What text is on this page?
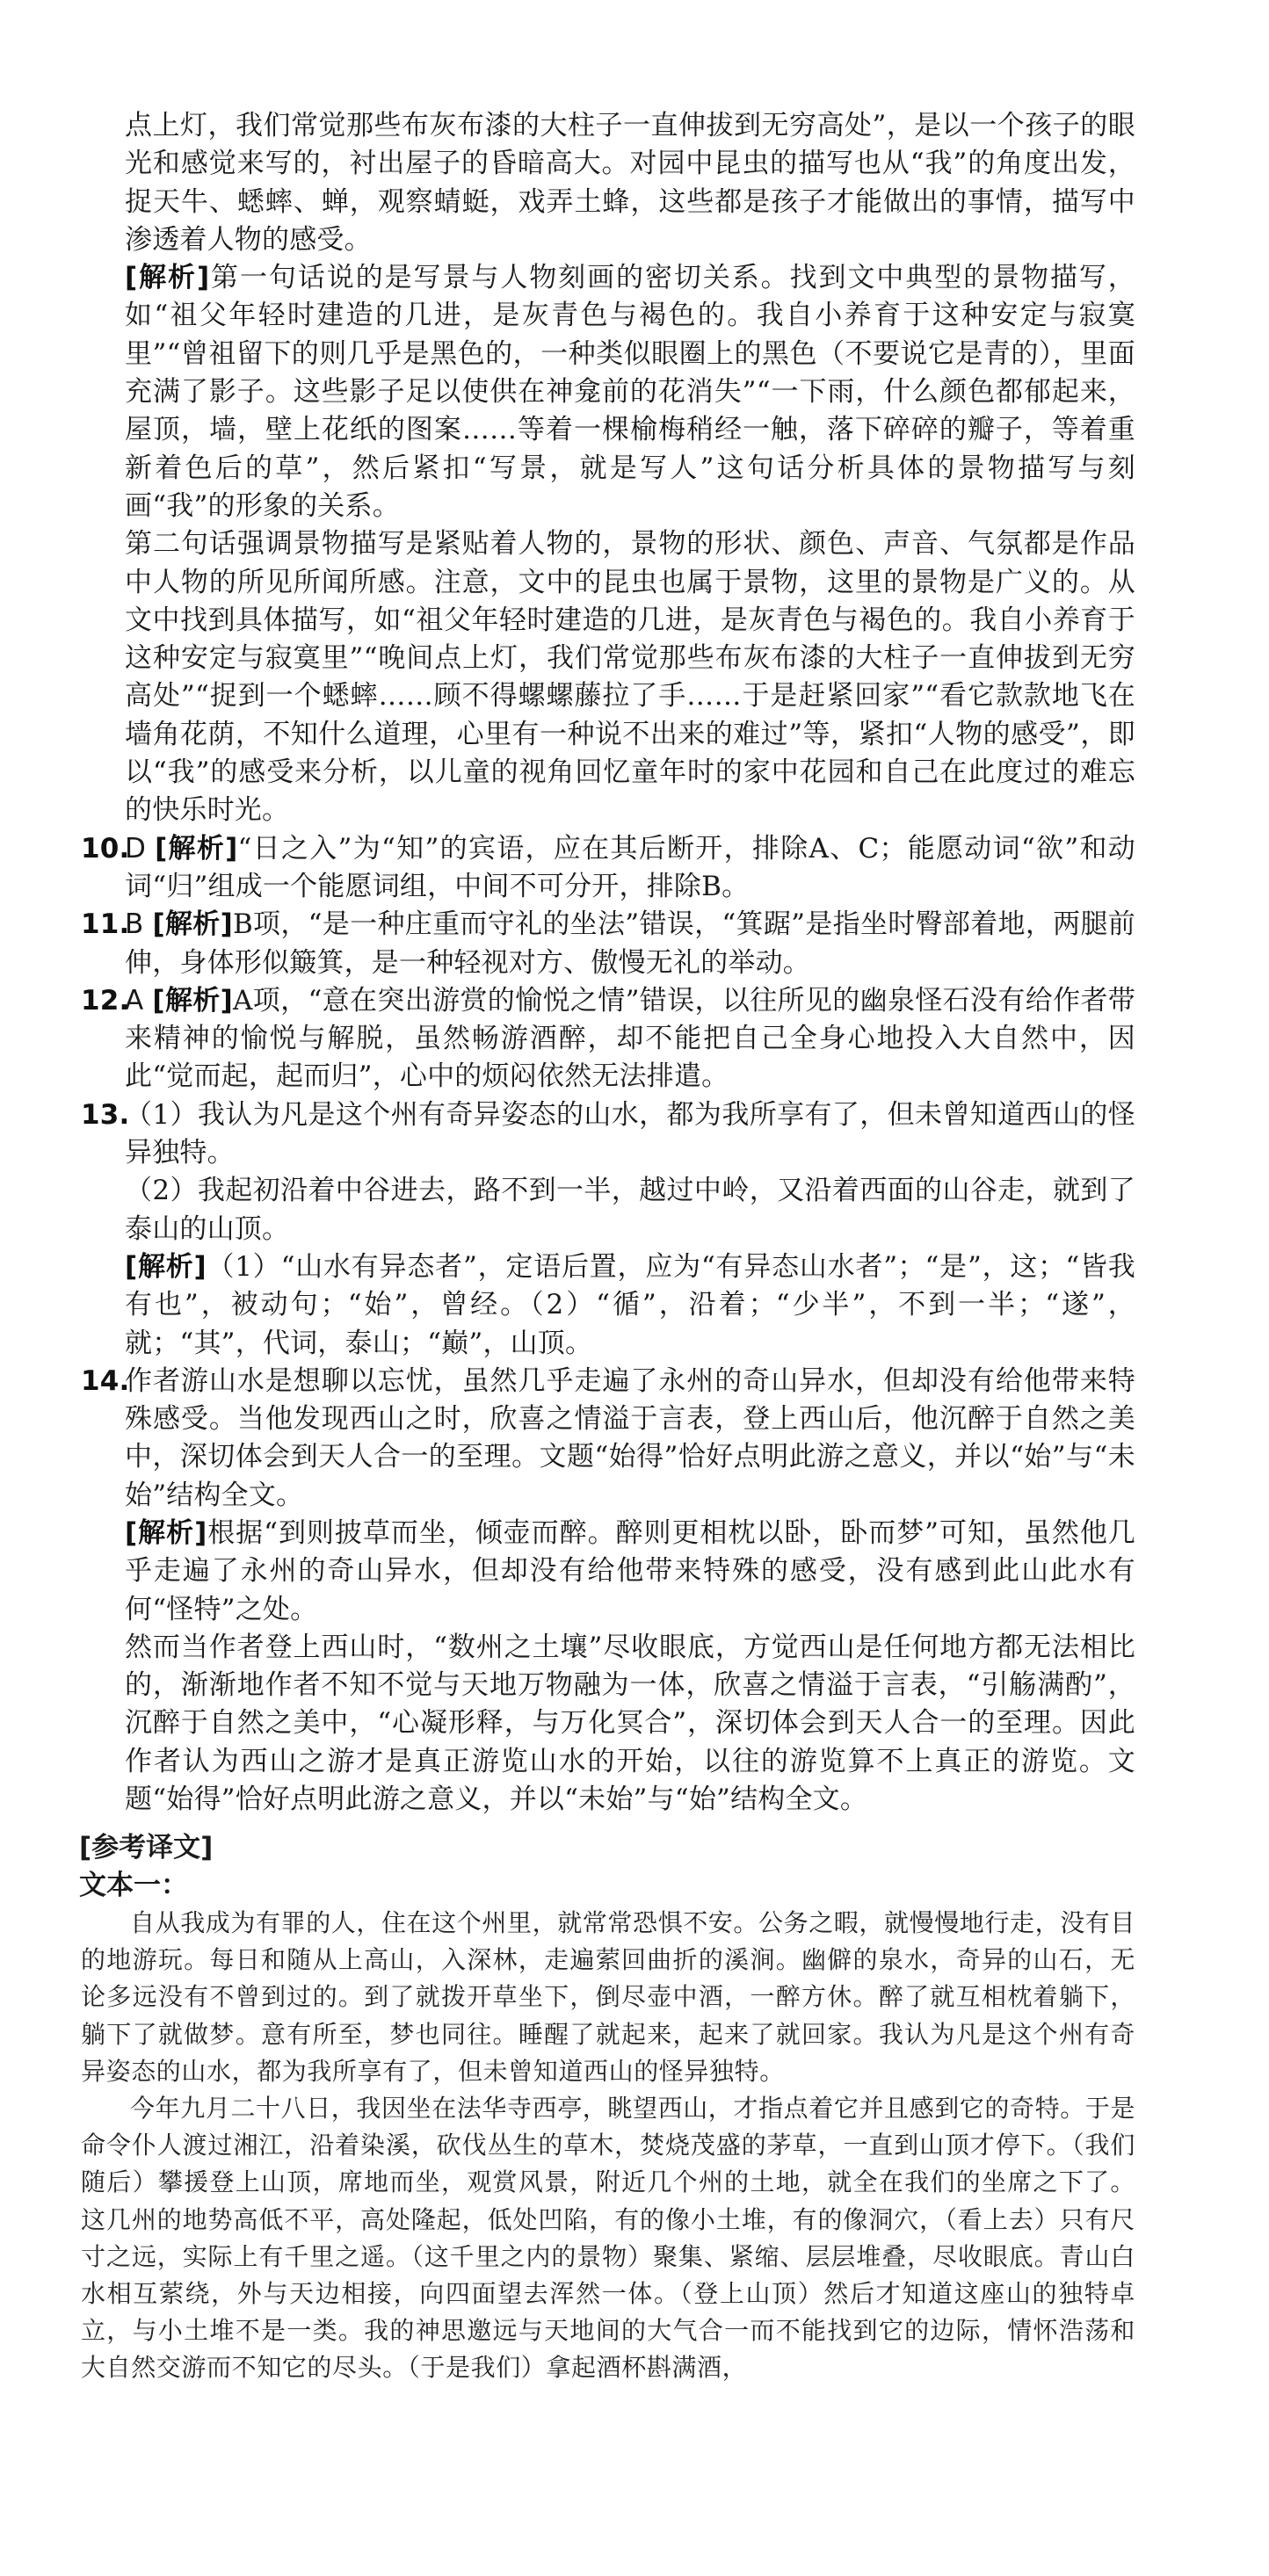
点上灯，我们常觉那些布灰布漆的大柱子一直伸拔到无穷高处”，是以一个孩子的眼光和感觉来写的，衬出屋子的昏暗高大。对园中昆虫的描写也从“我”的角度出发，捉天牛、蟋蟀、蝉，观察蜻蜓，戏弄土蜂，这些都是孩子才能做出的事情，描写中渗透着人物的感受。

[解析]第一句话说的是写景与人物刻画的密切关系。找到文中典型的景物描写，如“祖父年轻时建造的几进，是灰青色与褐色的。我自小养育于这种安定与寂寞里”“曾祖留下的则几乎是黑色的，一种类似眼圈上的黑色（不要说它是青的），里面充满了影子。这些影子足以使供在神龛前的花消失”“一下雨，什么颜色都郁起来，屋顶，墙，壁上花纸的图案……等着一棵榆梅稍经一触，落下碎碎的瓣子，等着重新着色后的草”，然后紧扣“写景，就是写人”这句话分析具体的景物描写与刻画“我”的形象的关系。

第二句话强调景物描写是紧贴着人物的，景物的形状、颜色、声音、气氛都是作品中人物的所见所闻所感。注意，文中的昆虫也属于景物，这里的景物是广义的。从文中找到具体描写，如“祖父年轻时建造的几进，是灰青色与褐色的。我自小养育于这种安定与寂寞里”“晚间点上灯，我们常觉那些布灰布漆的大柱子一直伸拔到无穷高处”“捉到一个蟋蟀……顾不得螺螺藤拉了手……于是赶紧回家”“看它款款地飞在墙角花荫，不知什么道理，心里有一种说不出来的难过”等，紧扣“人物的感受”，即以“我”的感受来分析，以儿童的视角回忆童年时的家中花园和自己在此度过的难忘的快乐时光。

10.
D [解析]“日之入”为“知”的宾语，应在其后断开，排除A、C；能愿动词“欲”和动词“归”组成一个能愿词组，中间不可分开，排除B。
11.
B [解析]B项，“是一种庄重而守礼的坐法”错误，“箕踞”是指坐时臀部着地，两腿前伸，身体形似簸箕，是一种轻视对方、傲慢无礼的举动。
12.
A [解析]A项，“意在突出游赏的愉悦之情”错误，以往所见的幽泉怪石没有给作者带来精神的愉悦与解脱，虽然畅游酒醉，却不能把自己全身心地投入大自然中，因此“觉而起，起而归”，心中的烦闷依然无法排遣。
13.

（1）我认为凡是这个州有奇异姿态的山水，都为我所享有了，但未曾知道西山的怪异独特。

（2）我起初沿着中谷进去，路不到一半，越过中岭，又沿着西面的山谷走，就到了泰山的山顶。

[解析]（1）“山水有异态者”，定语后置，应为“有异态山水者”；“是”，这；“皆我有也”，被动句；“始”，曾经。（2）“循”，沿着；“少半”，不到一半；“遂”，就；“其”，代词，泰山；“巅”，山顶。

14.

作者游山水是想聊以忘忧，虽然几乎走遍了永州的奇山异水，但却没有给他带来特殊感受。当他发现西山之时，欣喜之情溢于言表，登上西山后，他沉醉于自然之美中，深切体会到天人合一的至理。文题“始得”恰好点明此游之意义，并以“始”与“未始”结构全文。

[解析]根据“到则披草而坐，倾壶而醉。醉则更相枕以卧，卧而梦”可知，虽然他几乎走遍了永州的奇山异水，但却没有给他带来特殊的感受，没有感到此山此水有何“怪特”之处。

然而当作者登上西山时，“数州之土壤”尽收眼底，方觉西山是任何地方都无法相比的，渐渐地作者不知不觉与天地万物融为一体，欣喜之情溢于言表，“引觞满酌”，沉醉于自然之美中，“心凝形释，与万化冥合”，深切体会到天人合一的至理。因此作者认为西山之游才是真正游览山水的开始，以往的游览算不上真正的游览。文题“始得”恰好点明此游之意义，并以“未始”与“始”结构全文。

[参考译文]

文本一：

自从我成为有罪的人，住在这个州里，就常常恐惧不安。公务之暇，就慢慢地行走，没有目的地游玩。每日和随从上高山，入深林，走遍萦回曲折的溪涧。幽僻的泉水，奇异的山石，无论多远没有不曾到过的。到了就拨开草坐下，倒尽壶中酒，一醉方休。醉了就互相枕着躺下，躺下了就做梦。意有所至，梦也同往。睡醒了就起来，起来了就回家。我认为凡是这个州有奇异姿态的山水，都为我所享有了，但未曾知道西山的怪异独特。

今年九月二十八日，我因坐在法华寺西亭，眺望西山，才指点着它并且感到它的奇特。于是命令仆人渡过湘江，沿着染溪，砍伐丛生的草木，焚烧茂盛的茅草，一直到山顶才停下。（我们随后）攀援登上山顶，席地而坐，观赏风景，附近几个州的土地，就全在我们的坐席之下了。这几州的地势高低不平，高处隆起，低处凹陷，有的像小土堆，有的像洞穴，（看上去）只有尺寸之远，实际上有千里之遥。（这千里之内的景物）聚集、紧缩、层层堆叠，尽收眼底。青山白水相互萦绕，外与天边相接，向四面望去浑然一体。（登上山顶）然后才知道这座山的独特卓立，与小土堆不是一类。我的神思邀远与天地间的大气合一而不能找到它的边际，情怀浩荡和大自然交游而不知它的尽头。（于是我们）拿起酒杯斟满酒，
